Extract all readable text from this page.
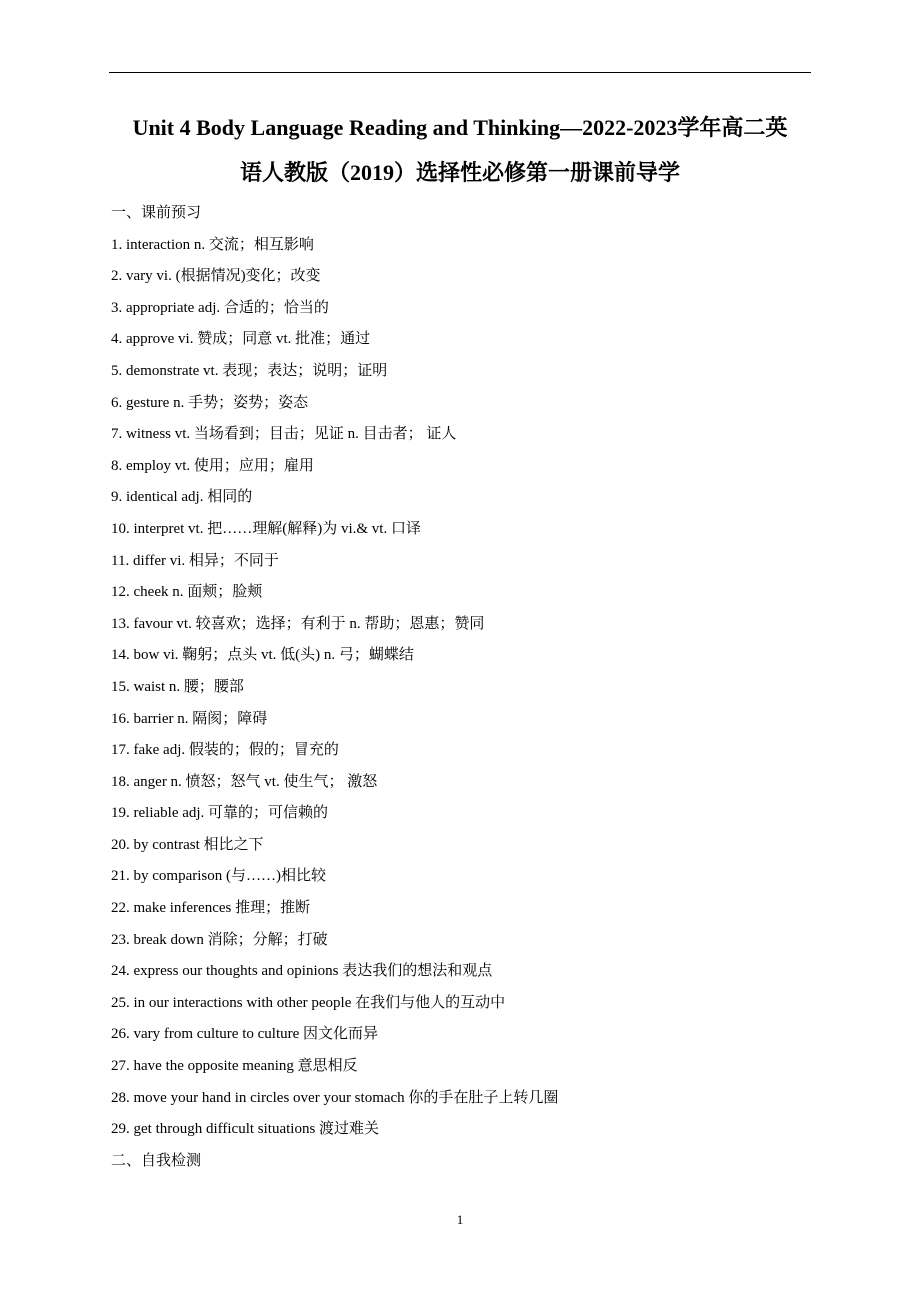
Unit 4 Body Language Reading and Thinking—2022-2023学年高二英
语人教版（2019）选择性必修第一册课前导学
一、课前预习
1. interaction n. 交流；相互影响
2. vary vi. (根据情况)变化；改变
3. appropriate adj. 合适的；恰当的
4. approve vi. 赞成；同意 vt. 批准；通过
5. demonstrate vt. 表现；表达；说明；证明
6. gesture n. 手势；姿势；姿态
7. witness vt. 当场看到；目击；见证 n. 目击者； 证人
8. employ vt. 使用；应用；雇用
9. identical adj. 相同的
10. interpret vt. 把……理解(解释)为 vi.& vt. 口译
11. differ vi. 相异；不同于
12. cheek n. 面颊；脸颊
13. favour vt. 较喜欢；选择；有利于 n. 帮助；恩惠；赞同
14. bow vi. 鞠躬；点头 vt. 低(头) n. 弓；蝴蝶结
15. waist n. 腰；腰部
16. barrier n. 隔阂；障碍
17. fake adj. 假装的；假的；冒充的
18. anger n. 愤怒；怒气 vt. 使生气； 激怒
19. reliable adj. 可靠的；可信赖的
20. by contrast 相比之下
21. by comparison (与……)相比较
22. make inferences 推理；推断
23. break down 消除；分解；打破
24. express our thoughts and opinions 表达我们的想法和观点
25. in our interactions with other people 在我们与他人的互动中
26. vary from culture to culture 因文化而异
27. have the opposite meaning 意思相反
28. move your hand in circles over your stomach 你的手在肚子上转几圈
29. get through difficult situations 渡过难关
二、自我检测
1
